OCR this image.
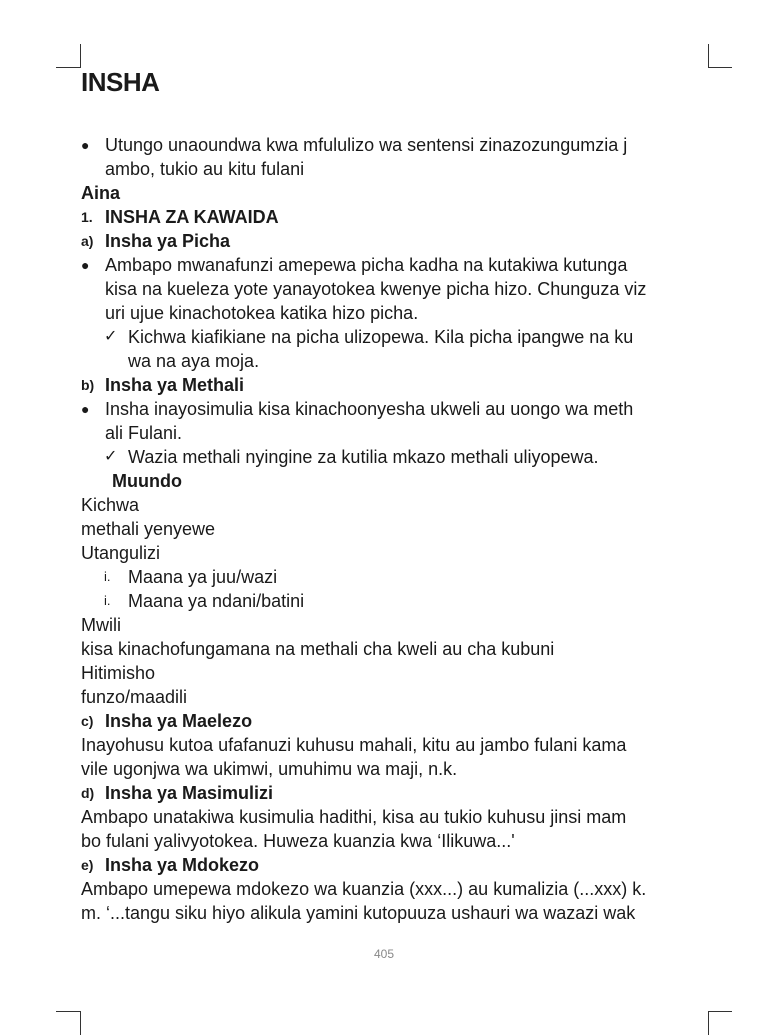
INSHA
● Utungo unaoundwa kwa mfululizo wa sentensi zinazozungumzia j
ambo, tukio au kitu fulani
Aina
1. INSHA ZA KAWAIDA
a) Insha ya Picha
● Ambapo mwanafunzi amepewa picha kadha na kutakiwa kutunga
kisa na kueleza yote yanayotokea kwenye picha hizo. Chunguza viz
uri ujue kinachotokea katika hizo picha.
✓ Kichwa kiafikiane na picha ulizopewa. Kila picha ipangwe na ku
wa na aya moja.
b) Insha ya Methali
● Insha inayosimulia kisa kinachoonyesha ukweli au uongo wa meth
ali Fulani.
✓ Wazia methali nyingine za kutilia mkazo methali uliyopewa.
Muundo
Kichwa
methali yenyewe
Utangulizi
i. Maana ya juu/wazi
i. Maana ya ndani/batini
Mwili
kisa kinachofungamana na methali cha kweli au cha kubuni
Hitimisho
funzo/maadili
c) Insha ya Maelezo
Inayohusu kutoa ufafanuzi kuhusu mahali, kitu au jambo fulani kama
vile ugonjwa wa ukimwi, umuhimu wa maji, n.k.
d) Insha ya Masimulizi
Ambapo unatakiwa kusimulia hadithi, kisa au tukio kuhusu jinsi mam
bo fulani yalivyotokea. Huweza kuanzia kwa ‘Ilikuwa...'
e) Insha ya Mdokezo
Ambapo umepewa mdokezo wa kuanzia (xxx...) au kumalizia (...xxx) k.
m. ‘...tangu siku hiyo alikula yamini kutopuuza ushauri wa wazazi wak
405
